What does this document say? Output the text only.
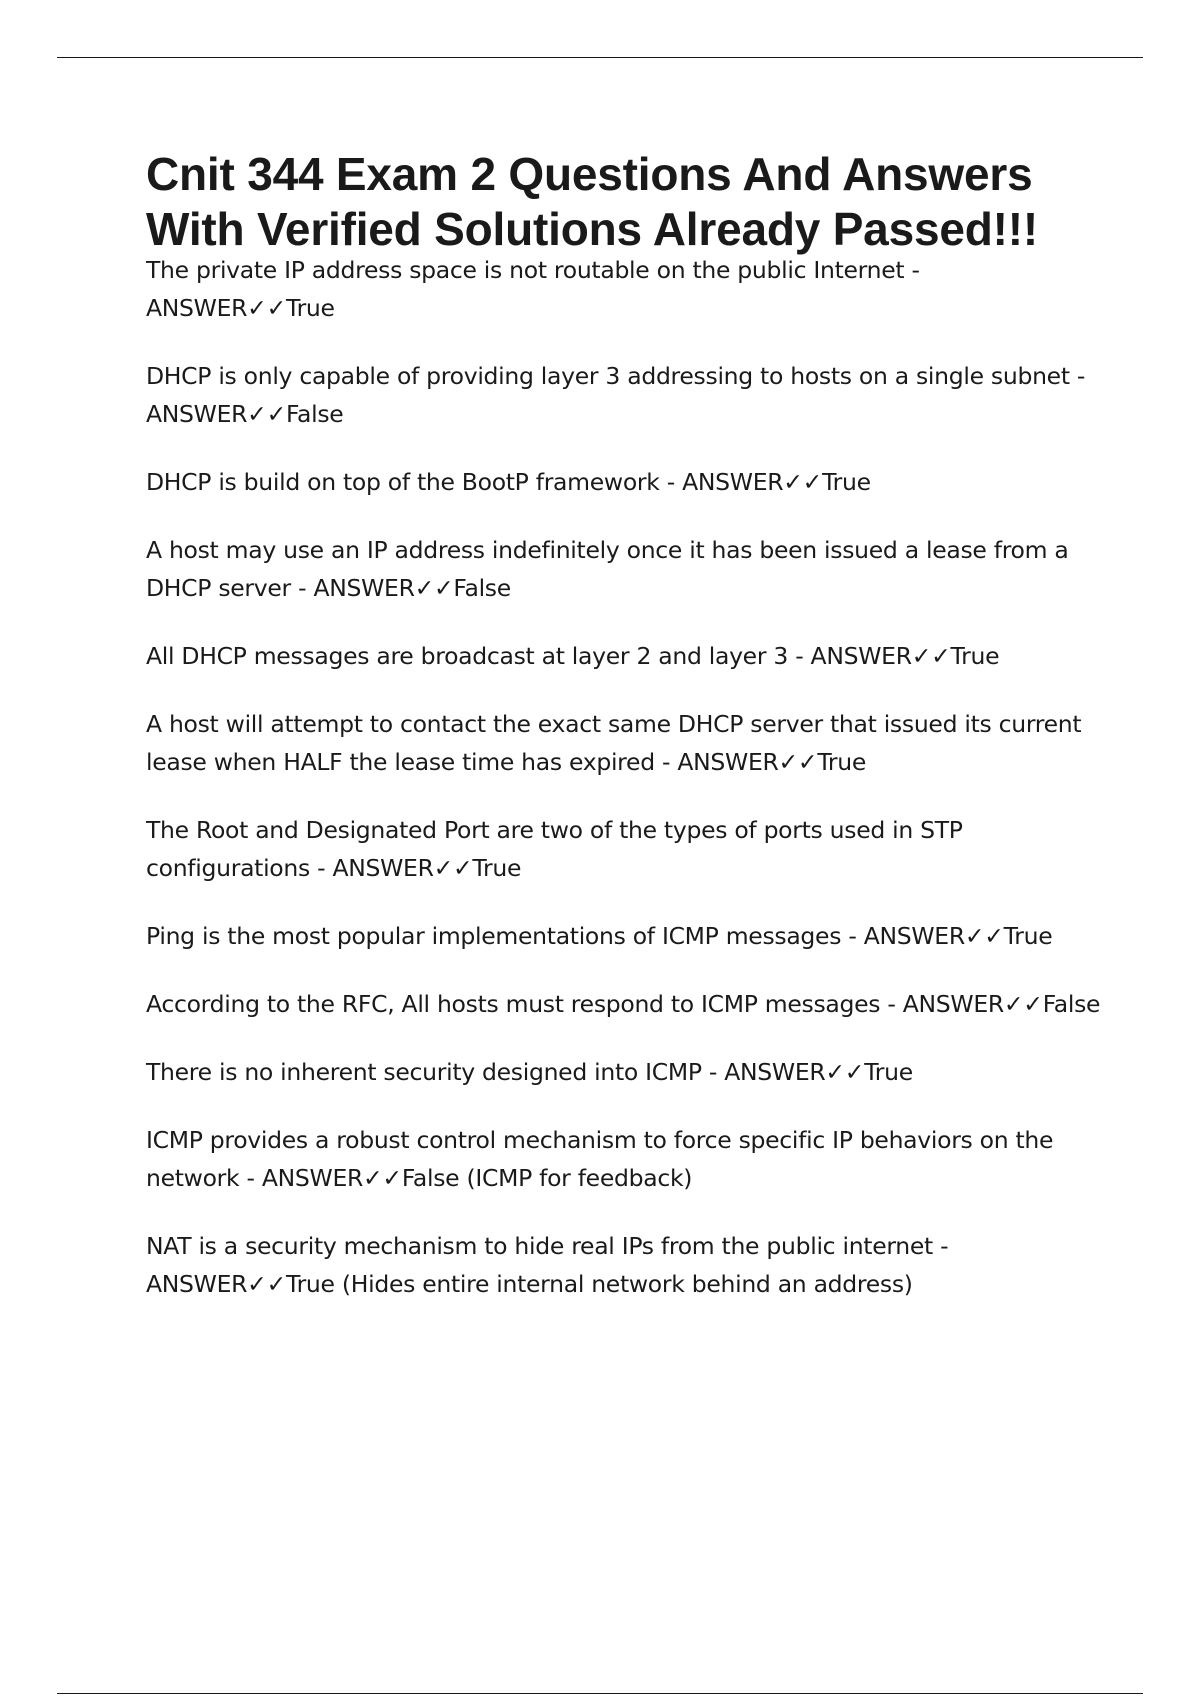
Cnit 344 Exam 2 Questions And Answers With Verified Solutions Already Passed!!!
The private IP address space is not routable on the public Internet - ANSWER✓✓True
DHCP is only capable of providing layer 3 addressing to hosts on a single subnet - ANSWER✓✓False
DHCP is build on top of the BootP framework - ANSWER✓✓True
A host may use an IP address indefinitely once it has been issued a lease from a DHCP server - ANSWER✓✓False
All DHCP messages are broadcast at layer 2 and layer 3 - ANSWER✓✓True
A host will attempt to contact the exact same DHCP server that issued its current lease when HALF the lease time has expired - ANSWER✓✓True
The Root and Designated Port are two of the types of ports used in STP configurations - ANSWER✓✓True
Ping is the most popular implementations of ICMP messages - ANSWER✓✓True
According to the RFC, All hosts must respond to ICMP messages - ANSWER✓✓False
There is no inherent security designed into ICMP - ANSWER✓✓True
ICMP provides a robust control mechanism to force specific IP behaviors on the network - ANSWER✓✓False (ICMP for feedback)
NAT is a security mechanism to hide real IPs from the public internet - ANSWER✓✓True (Hides entire internal network behind an address)
